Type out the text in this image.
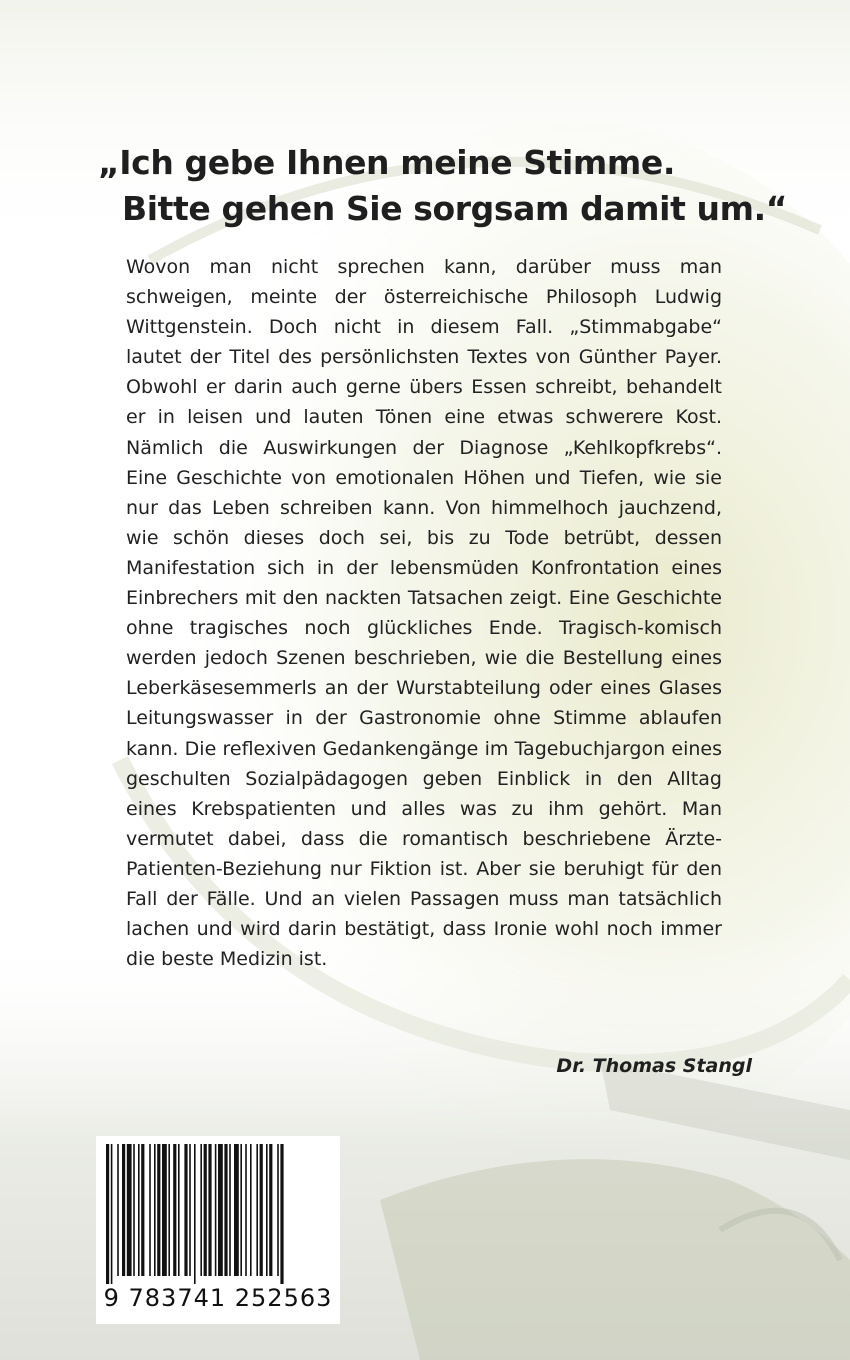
„Ich gebe Ihnen meine Stimme.
Bitte gehen Sie sorgsam damit um.“

Wovon man nicht sprechen kann, darüber muss man schweigen, meinte der österreichische Philosoph Ludwig Wittgenstein. Doch nicht in diesem Fall. „Stimmabgabe“ lautet der Titel des persönlichsten Textes von Günther Payer. Obwohl er darin auch gerne übers Essen schreibt, behandelt er in leisen und lauten Tönen eine etwas schwerere Kost. Nämlich die Auswirkungen der Diagnose „Kehlkopfkrebs“. Eine Geschichte von emotionalen Höhen und Tiefen, wie sie nur das Leben schreiben kann. Von himmelhoch jauchzend, wie schön dieses doch sei, bis zu Tode betrübt, dessen Manifestation sich in der lebensmüden Konfrontation eines Einbrechers mit den nackten Tatsachen zeigt. Eine Geschichte ohne tragisches noch glückliches Ende. Tragisch-komisch werden jedoch Szenen beschrieben, wie die Bestellung eines Leberkäsesemmerls an der Wurstabteilung oder eines Glases Leitungswasser in der Gastronomie ohne Stimme ablaufen kann. Die reflexiven Gedankengänge im Tagebuchjargon eines geschulten Sozialpädagogen geben Einblick in den Alltag eines Krebspatienten und alles was zu ihm gehört. Man vermutet dabei, dass die romantisch beschriebene Ärzte-Patienten-Beziehung nur Fiktion ist. Aber sie beruhigt für den Fall der Fälle. Und an vielen Passagen muss man tatsächlich lachen und wird darin bestätigt, dass Ironie wohl noch immer die beste Medizin ist.

Dr. Thomas Stangl

9 783741 252563
